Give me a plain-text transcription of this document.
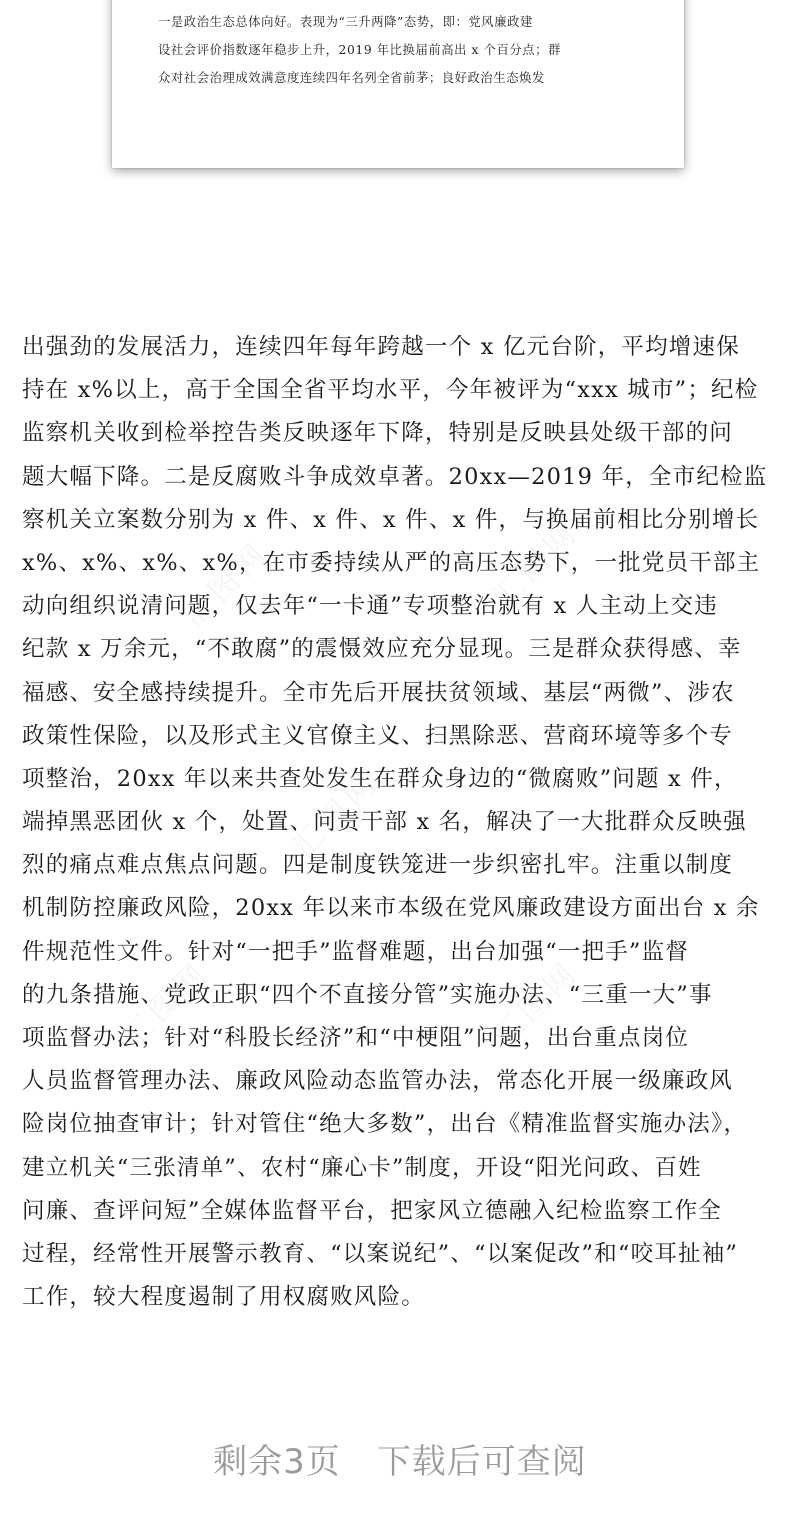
一是政治生态总体向好。表现为“三升两降”态势，即：党风廉政建
设社会评价指数逐年稳步上升，2019 年比换届前高出 x 个百分点；群
众对社会治理成效满意度连续四年名列全省前茅；良好政治生态焕发
汇图网	汇图网
汇图网
汇图网	汇图网
出强劲的发展活力，连续四年每年跨越一个 x 亿元台阶，平均增速保
持在 x%以上，高于全国全省平均水平，今年被评为“xxx 城市”；纪检
监察机关收到检举控告类反映逐年下降，特别是反映县处级干部的问
题大幅下降。二是反腐败斗争成效卓著。20xx—2019 年，全市纪检监
察机关立案数分别为 x 件、x 件、x 件、x 件，与换届前相比分别增长
x%、x%、x%、x%，在市委持续从严的高压态势下，一批党员干部主
动向组织说清问题，仅去年“一卡通”专项整治就有 x 人主动上交违
纪款 x 万余元，“不敢腐”的震慑效应充分显现。三是群众获得感、幸
福感、安全感持续提升。全市先后开展扶贫领域、基层“两微”、涉农
政策性保险，以及形式主义官僚主义、扫黑除恶、营商环境等多个专
项整治，20xx 年以来共查处发生在群众身边的“微腐败”问题 x 件，
端掉黑恶团伙 x 个，处置、问责干部 x 名，解决了一大批群众反映强
烈的痛点难点焦点问题。四是制度铁笼进一步织密扎牢。注重以制度
机制防控廉政风险，20xx 年以来市本级在党风廉政建设方面出台 x 余
件规范性文件。针对“一把手”监督难题，出台加强“一把手”监督
的九条措施、党政正职“四个不直接分管”实施办法、“三重一大”事
项监督办法；针对“科股长经济”和“中梗阻”问题，出台重点岗位
人员监督管理办法、廉政风险动态监管办法，常态化开展一级廉政风
险岗位抽查审计；针对管住“绝大多数”，出台《精准监督实施办法》，
建立机关“三张清单”、农村“廉心卡”制度，开设“阳光问政、百姓
问廉、查评问短”全媒体监督平台，把家风立德融入纪检监察工作全
过程，经常性开展警示教育、“以案说纪”、“以案促改”和“咬耳扯袖”
工作，较大程度遏制了用权腐败风险。
剩余3页 下载后可查阅
